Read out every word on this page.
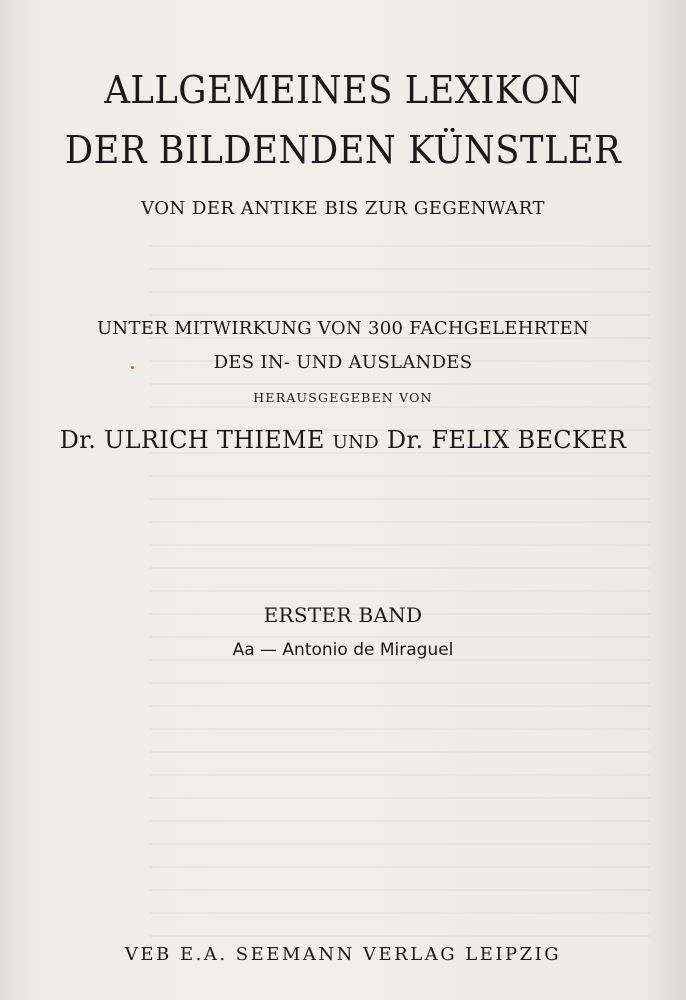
ALLGEMEINES LEXIKON
DER BILDENDEN KÜNSTLER
VON DER ANTIKE BIS ZUR GEGENWART
UNTER MITWIRKUNG VON 300 FACHGELEHRTEN
DES IN- UND AUSLANDES
HERAUSGEGEBEN VON
Dr. ULRICH THIEME UND Dr. FELIX BECKER
ERSTER BAND
Aa — Antonio de Miraguel
VEB E.A. SEEMANN VERLAG LEIPZIG
